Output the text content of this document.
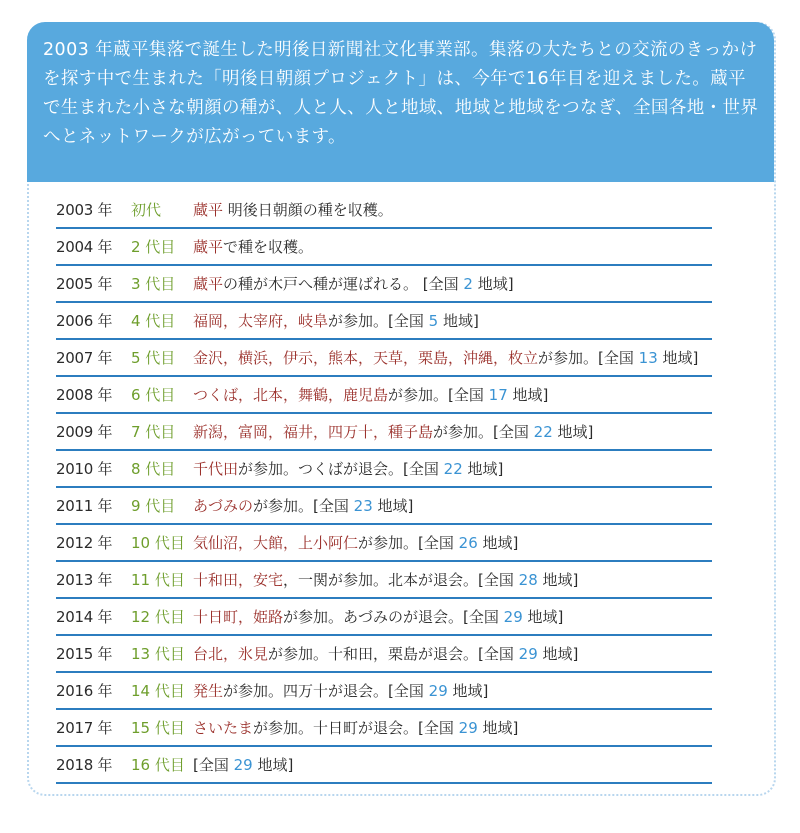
2003 年蔵平集落で誕生した明後日新聞社文化事業部。集落の大たちとの交流のきっかけを探す中で生まれた「明後日朝顔プロジェクト」は、今年で16年目を迎えました。蔵平で生まれた小さな朝顔の種が、人と人、人と地域、地域と地域をつなぎ、全国各地・世界へとネットワークが広がっています。
2003 年	初代	蔵平 明後日朝顔の種を収穫。
2004 年	2 代目	蔵平で種を収穫。
2005 年	3 代目	蔵平の種が木戸へ種が運ばれる。 [全国 2 地域]
2006 年	4 代目	福岡，太宰府，岐阜が参加。[全国 5 地域]
2007 年	5 代目	金沢，横浜，伊示，熊本，天草，栗島，沖縄，枚立が参加。[全国 13 地域]
2008 年	6 代目	つくば，北本，舞鶴，鹿児島が参加。[全国 17 地域]
2009 年	7 代目	新潟，富岡，福井，四万十，種子島が参加。[全国 22 地域]
2010 年	8 代目	千代田が参加。つくばが退会。[全国 22 地域]
2011 年	9 代目	あづみのが参加。[全国 23 地域]
2012 年	10 代目 気仙沼，大館，上小阿仁が参加。[全国 26 地域]
2013 年	11 代目 十和田，安宅，一関が参加。北本が退会。[全国 28 地域]
2014 年	12 代目 十日町，姫路が参加。あづみのが退会。[全国 29 地域]
2015 年	13 代目 台北，氷見が参加。十和田，栗島が退会。[全国 29 地域]
2016 年	14 代目 発生が参加。四万十が退会。[全国 29 地域]
2017 年	15 代目 さいたまが参加。十日町が退会。[全国 29 地域]
2018 年	16 代目 [全国 29 地域]
